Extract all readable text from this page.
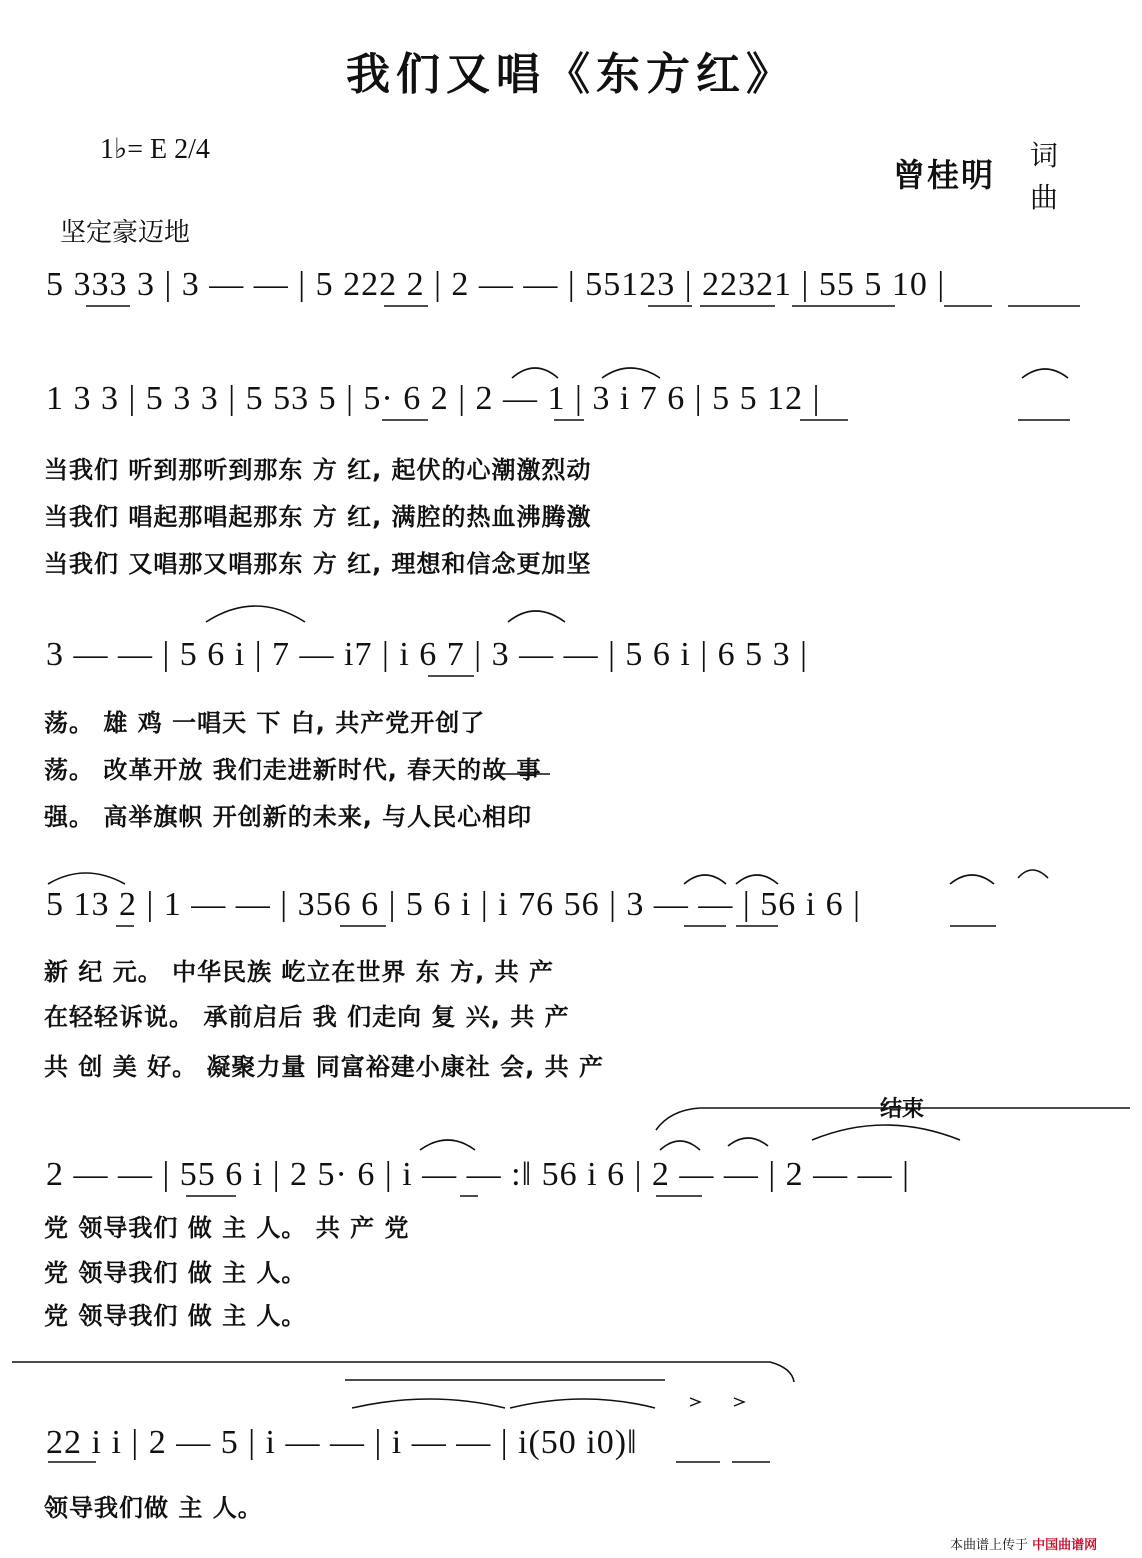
我们又唱《东方红》
1♭= E 2/4
曾桂明
词
曲
坚定豪迈地
5 333 3 | 3 — — | 5 222 2 | 2 — — | 55123 | 22321 | 55 5 10 |
1 3 3 | 5 3 3 | 5 53 5 | 5· 6 2 | 2 — 1 | 3 i 7 6 | 5 5 12 |
当我们 听到那听到那东 方 红, 起伏的心潮激烈动
当我们 唱起那唱起那东 方 红, 满腔的热血沸腾激
当我们 又唱那又唱那东 方 红, 理想和信念更加坚
3 — — | 5 6 i | 7 — i7 | i 6 7 | 3 — — | 5 6 i | 6 5 3 |
荡。 雄 鸡 一唱天 下 白, 共产党开创了
荡。 改革开放 我们走进新时代, 春天的故 事
强。 高举旗帜 开创新的未来, 与人民心相印
5 13 2 | 1 — — | 356 6 | 5 6 i | i 76 56 | 3 — — | 56 i 6 |
新 纪 元。 中华民族 屹立在世界 东 方, 共 产
在轻轻诉说。 承前启后 我 们走向 复 兴, 共 产
共 创 美 好。 凝聚力量 同富裕建小康社 会, 共 产
结束
2 — — | 55 6 i | 2 5· 6 | i — — :‖ 56 i 6 | 2 — — | 2 — — |
党 领导我们 做 主 人。 共 产 党
党 领导我们 做 主 人。
党 领导我们 做 主 人。
22 i i | 2 — 5 | i — — | i — — | i(50 i0)‖
领导我们做 主 人。
本曲谱上传于 中国曲谱网
